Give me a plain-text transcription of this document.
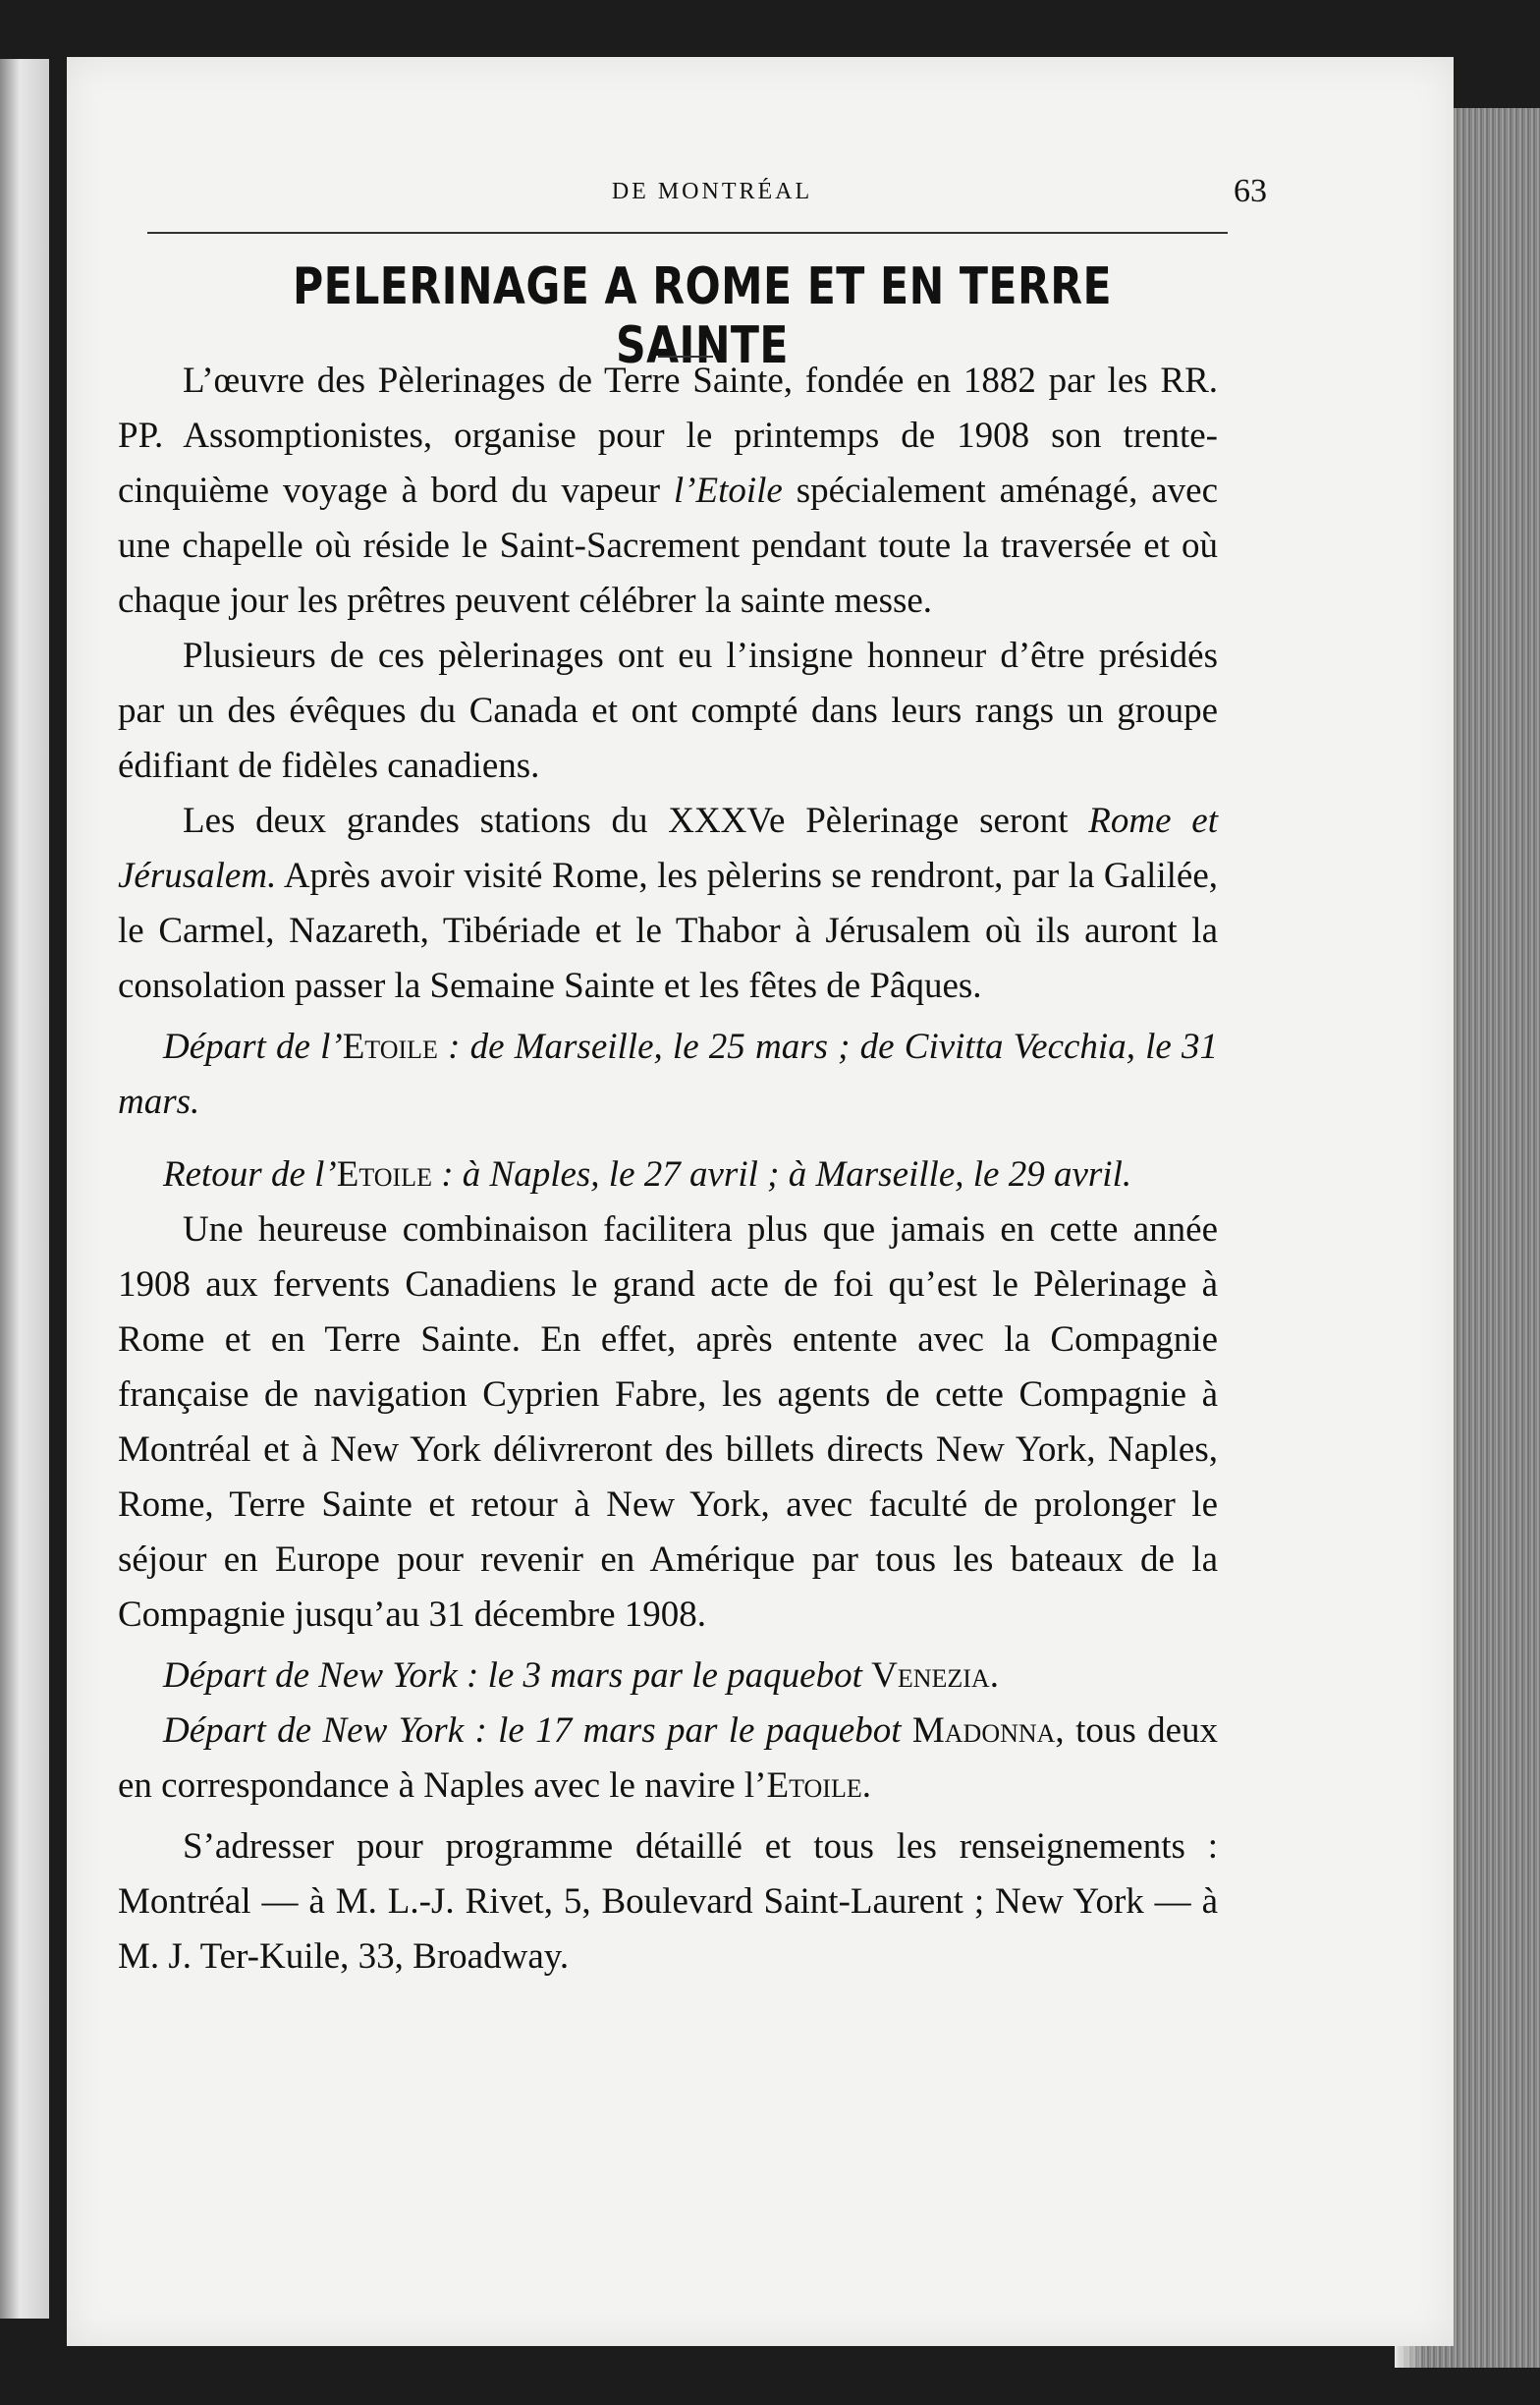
DE MONTRÉAL	63
PELERINAGE A ROME ET EN TERRE SAINTE

L’œuvre des Pèlerinages de Terre Sainte, fondée en 1882 par les RR. PP. Assomptionistes, organise pour le printemps de 1908 son trente-cinquième voyage à bord du vapeur l’Etoile spécialement aménagé, avec une chapelle où réside le Saint-Sacrement pendant toute la traversée et où chaque jour les prêtres peuvent célébrer la sainte messe.

Plusieurs de ces pèlerinages ont eu l’insigne honneur d’être présidés par un des évêques du Canada et ont compté dans leurs rangs un groupe édifiant de fidèles canadiens.

Les deux grandes stations du XXXVe Pèlerinage seront Rome et Jérusalem. Après avoir visité Rome, les pèlerins se rendront, par la Galilée, le Carmel, Nazareth, Tibériade et le Thabor à Jérusalem où ils auront la consolation passer la Semaine Sainte et les fêtes de Pâques.

Départ de l’Etoile : de Marseille, le 25 mars ; de Civitta Vecchia, le 31 mars.

Retour de l’Etoile : à Naples, le 27 avril ; à Marseille, le 29 avril.

Une heureuse combinaison facilitera plus que jamais en cette année 1908 aux fervents Canadiens le grand acte de foi qu’est le Pèlerinage à Rome et en Terre Sainte. En effet, après entente avec la Compagnie française de navigation Cyprien Fabre, les agents de cette Compagnie à Montréal et à New York délivreront des billets directs New York, Naples, Rome, Terre Sainte et retour à New York, avec faculté de prolonger le séjour en Europe pour revenir en Amérique par tous les bateaux de la Compagnie jusqu’au 31 décembre 1908.

Départ de New York : le 3 mars par le paquebot Venezia.

Départ de New York : le 17 mars par le paquebot Madonna, tous deux en correspondance à Naples avec le navire l’Etoile.

S’adresser pour programme détaillé et tous les renseignements : Montréal — à M. L.-J. Rivet, 5, Boulevard Saint-Laurent ; New York — à M. J. Ter-Kuile, 33, Broadway.
